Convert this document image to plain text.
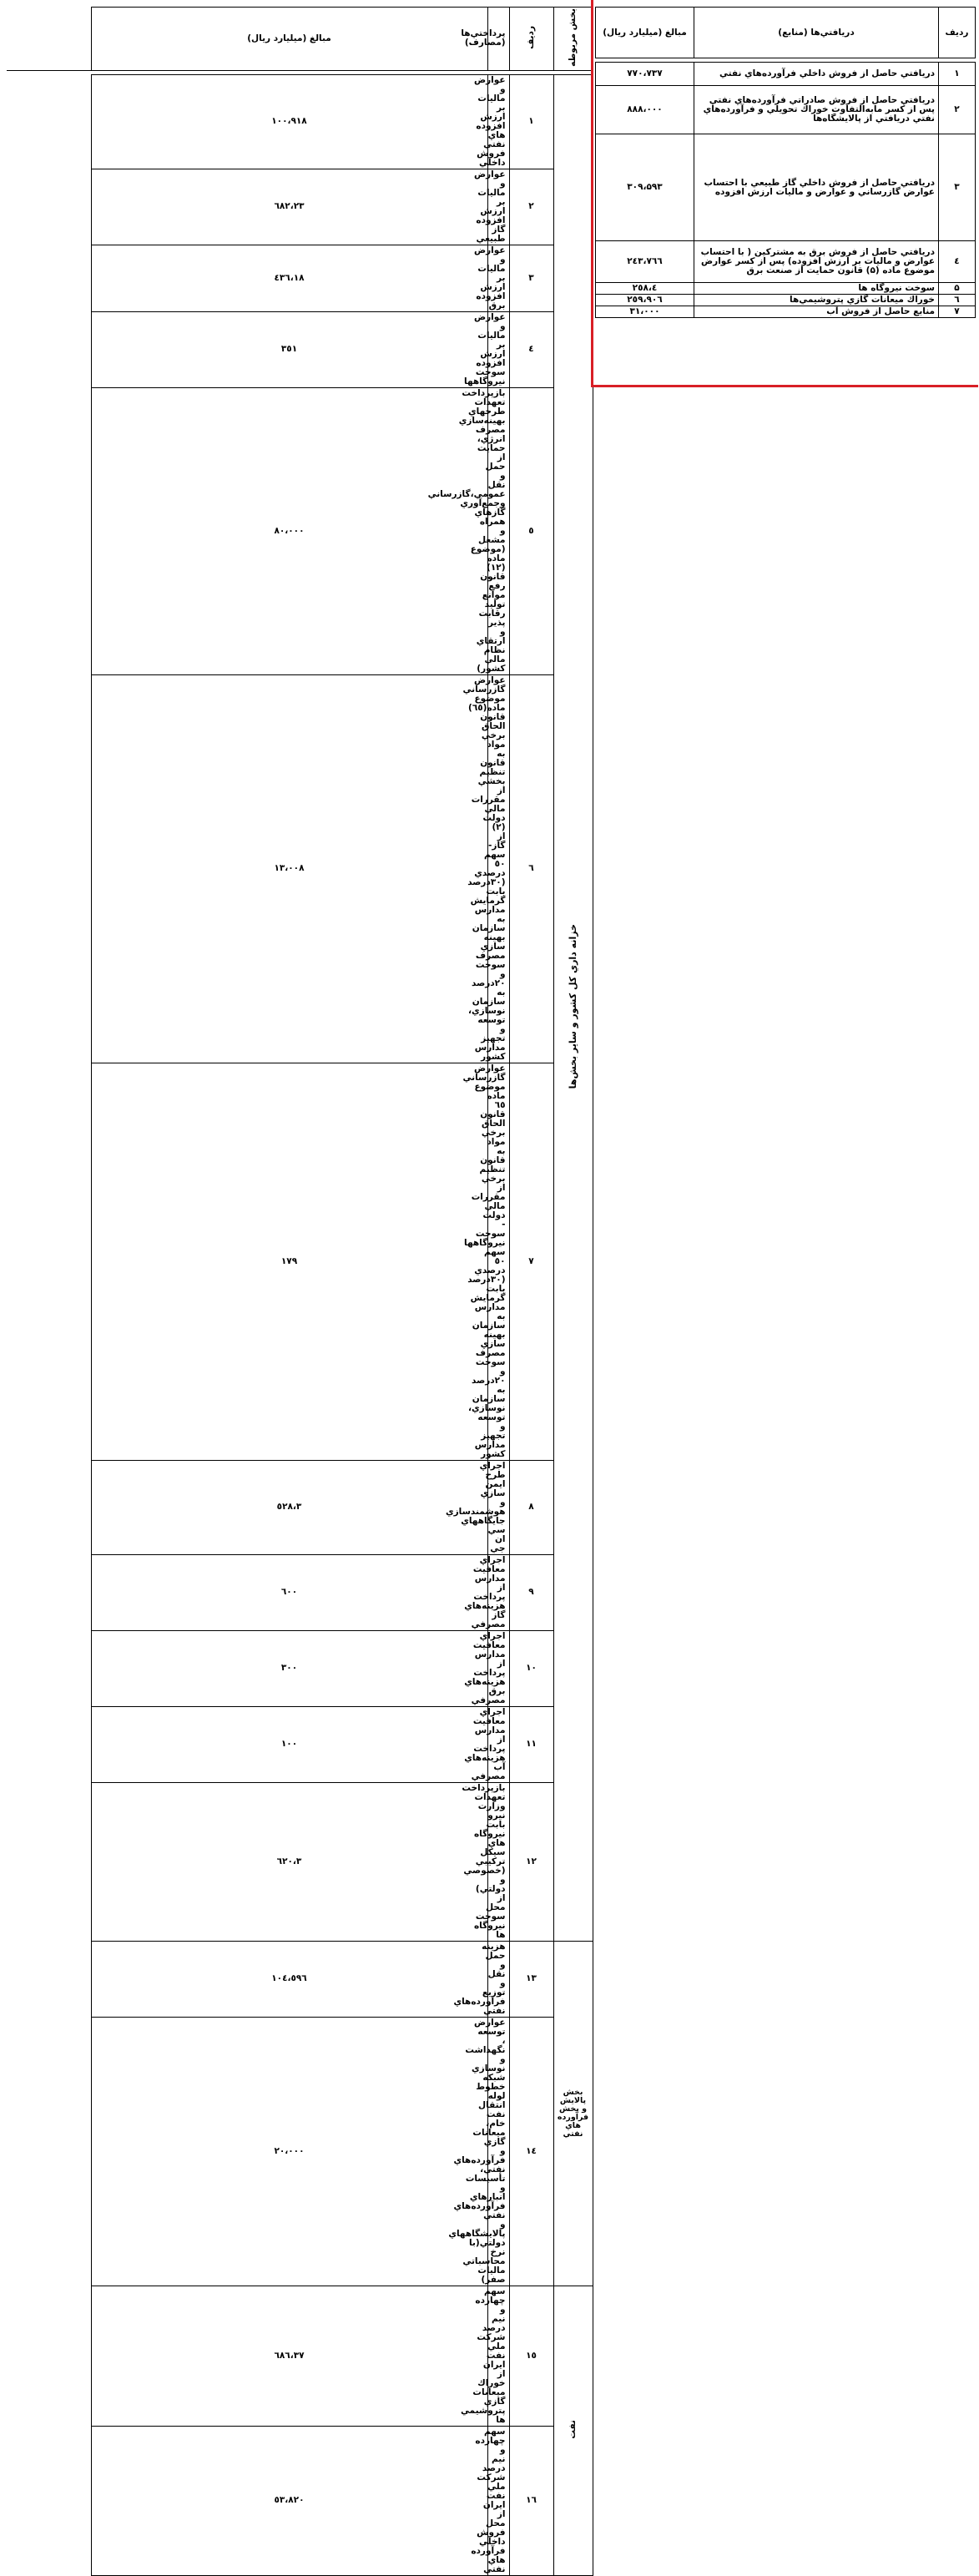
بخش مربوطه	رديف	پرداختي‌ها (مصارف)	مبالغ (ميليارد ريال)

خزانه داري كل كشور و ساير بخش‌ها	۱	عوارض و ماليات بر ارزش افزوده هاي نفتي فروش داخلي	۱۰۰،۹۱۸
	۲	عوارض و ماليات بر ارزش افزوده گاز طبيعي	۲۳،٦۸۲
	۳	عوارض و ماليات بر ارزش افزوده برق	۱۸،٤۳٦
	٤	عوارض و ماليات بر ارزش افزوده سوخت نيروگاهها	۳٥۱
	٥	بازپرداخت تعهدات طرحهاي بهينه‌سازي مصرف انرژي، حمايت از حمل و نقل عمومي،گازرساني وجمع‌آوري گازهاي همراه و مشعل (موضوع ماده (۱۲) قانون رفع موانع توليد رقابت پذير و ارتقاي نظام مالي كشور)	۸۰،۰۰۰
	٦	عوارض گازرساني موضوع ماده(٦٥) قانون الحاق برخي مواد به قانون تنظيم بخشي از مقررات مالي دولت (۲) از گاز- سهم ٥٠ درصدي (۳۰درصد بابت گرمايش مدارس به سازمان بهينه سازي مصرف سوخت و ۲۰درصد به سازمان نوسازي، توسعه و تجهيز مدارس كشور	۱۳،۰۰۸
	۷	عوارض گازرساني موضوع ماده ٦٥ قانون الحاق برخي مواد به قانون تنظيم برخي از مقررات مالي دولت - سوخت نيروگاهها سهم ٥٠ درصدي (۳۰درصد بابت گرمايش مدارس به سازمان بهينه سازي مصرف سوخت و ۲۰درصد به سازمان نوسازي، توسعه و تجهيز مدارس كشور	۱۷۹
	۸	اجراي طرح ايمن سازي و هوشمندسازي جايگاههاي سي ان جي	۳،٥۲۸
	۹	اجراي معافيت مدارس از پرداخت هزينه‌هاي گاز مصرفي	٦۰۰
	۱۰	اجراي معافيت مدارس از پرداخت هزينه‌هاي برق مصرفي	۳۰۰
	۱۱	اجراي معافيت مدارس از پرداخت هزينه‌هاي آب مصرفي	۱۰۰
	۱۲	بازپرداخت تعهدات وزارت نيرو بابت نيروگاه هاي سيكل تركيبي (خصوصي و دولتي) از محل سوخت نيروگاه ها	۳،٦۲۰
بخش پالايش و پخش فرآورده هاي نفتي	۱۳	هزينه حمل و نقل و توزيع فرآورده‌هاي نفتي	۱۰٤،٥۹٦
	۱٤	عوارض توسعه ، نگهداشت و نوسازي شبكه خطوط لوله انتقال نفت خام، ميعانات گازي و فرآورده‌هاي نفتي، تأسيسات و انبارهاي فرآورده‌هاي نفتي و پالايشگاههاي دولتي(با نرخ محاسباتي ماليات صفر)	۲۰،۰۰۰
نفت	۱٥	سهم چهارده و نيم درصد شركت ملي نفت ايران از خوراك ميعانات گازي پتروشيمي ها	۳۷،٦۸٦
	۱٦	سهم چهارده و نيم درصد شركت ملي نفت ايران از محل فروش داخلي فرآورده هاي نفتي	٥۳،۸۲۰
رديف	دريافتي‌ها (منابع)	مبالغ (ميليارد ريال)

۱	دريافتي حاصل از فروش داخلي فرآورده‌هاي نفتي	۷۷۰،۷۳۷
۲	دريافتي حاصل از فروش صادراتي فرآورده‌هاي نفتي پس از كسر مابه‌التفاوت خوراك تحويلي و فرآورده‌هاي نفتي دريافتي از پالايشگاه‌ها	۸۸۸،۰۰۰
۳	دريافتي حاصل از فروش داخلي گاز طبيعي با احتساب عوارض گازرساني و عوارض و ماليات ارزش افزوده	۳۰۹،۵۹۳
٤	دريافتي حاصل از فروش برق به مشتركين ( با احتساب عوارض و ماليات بر ارزش افزوده) پس از كسر عوارض موضوع ماده (۵) قانون حمايت از صنعت برق	۲٤۳،۷٦٦
۵	سوخت نيروگاه ها	٤،۲٥۸
٦	خوراك ميعانات گازي پتروشيمي‌ها	۲٥۹،۹۰٦
۷	منابع حاصل از فروش آب	۳۱،۰۰۰
